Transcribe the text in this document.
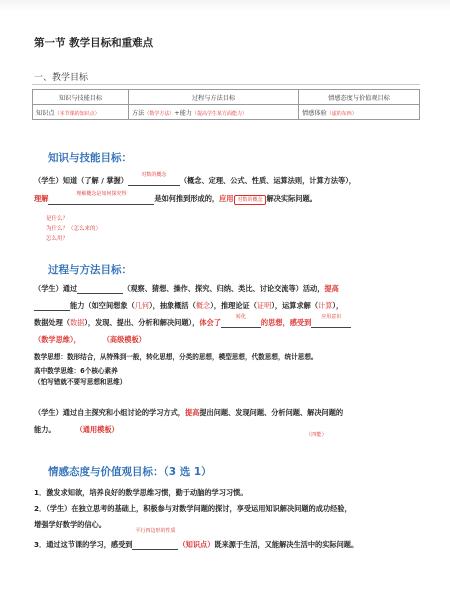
第一节 教学目标和重难点
一、教学目标
知识与技能目标	过程与方法目标	情感态度与价值观目标
知识点（本节课的知识点）	方法（数学方法）+能力（提高学生某方面能力）	情感体验（虚的东西）
知识与技能目标：
（学生）知道（了解 / 掌握）
对数的概念
（概念、定理、公式、性质、运算法则，计算方法等），
理解	理解概念是如何探究得	是如何推到形成的，应用 对数的概念 解决实际问题。
是什么？
为什么？（怎么来的）
怎么用？
过程与方法目标：
（学生）通过	（观察、猜想、操作、探究、归纳、类比、讨论交流等）活动，提高
能力（如空间想象（几何），抽象概括（概念），推理论证（证明），运算求解（计算），
数据处理（数据），发现、提出、分析和解决问题），体会了
转化
的思想，感受到
应用意识
（数学思维），	（高级模板）
数学思想：数形结合，从特殊到一般，转化思想，分类的思想，模型思想，代数思想，统计思想。
高中数学思维：6个核心素养
（怕写错就不要写思想和思维）
（学生）通过自主探究和小组讨论的学习方式，提高提出问题、发现问题、分析问题、解决问题的
能力。	（通用模板）
（四能）
情感态度与价值观目标：（3 选 1）
1．激发求知欲，培养良好的数学思维习惯，勤于动脑的学习习惯。
2．（学生）在独立思考的基础上，积极参与对数学问题的探讨，享受运用知识解决问题的成功经验，
增强学好数学的信心。
3．通过这节课的学习，感受到
平行四边形的性质
（知识点）既来源于生活，又能解决生活中的实际问题。
